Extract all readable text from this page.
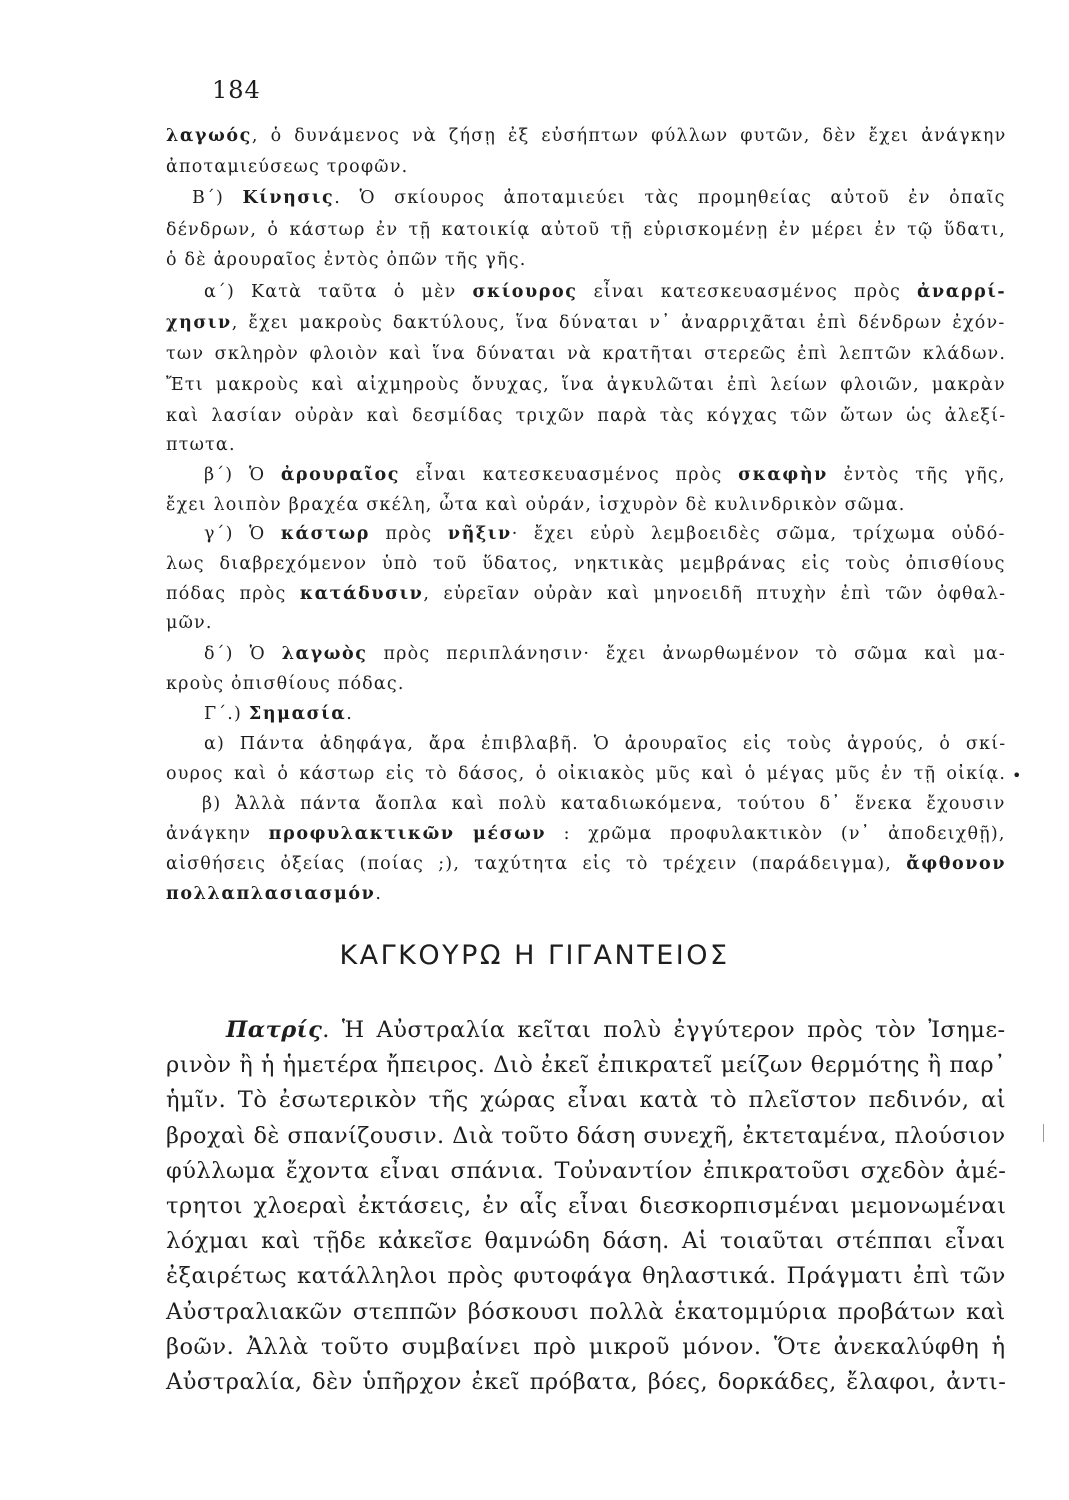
184
λαγωός, ὁ δυνάμενος νὰ ζήσῃ ἐξ εὐσήπτων φύλλων φυτῶν, δὲν ἔχει ἀνάγκην
ἀποταμιεύσεως τροφῶν.
Β΄) Κίνησις. Ὁ σκίουρος ἀποταμιεύει τὰς προμηθείας αὐτοῦ ἐν ὀπαῖς
δένδρων, ὁ κάστωρ ἐν τῇ κατοικίᾳ αὐτοῦ τῇ εὑρισκομένῃ ἐν μέρει ἐν τῷ ὕδατι,
ὁ δὲ ἀρουραῖος ἐντὸς ὀπῶν τῆς γῆς.
α΄) Κατὰ ταῦτα ὁ μὲν σκίουρος εἶναι κατεσκευασμένος πρὸς ἀναρρί-
χησιν, ἔχει μακροὺς δακτύλους, ἵνα δύναται ν᾽ ἀναρριχᾶται ἐπὶ δένδρων ἐχόν-
των σκληρὸν φλοιὸν καὶ ἵνα δύναται νὰ κρατῆται στερεῶς ἐπὶ λεπτῶν κλάδων.
Ἔτι μακροὺς καὶ αἰχμηροὺς ὄνυχας, ἵνα ἀγκυλῶται ἐπὶ λείων φλοιῶν, μακρὰν
καὶ λασίαν οὐρὰν καὶ δεσμίδας τριχῶν παρὰ τὰς κόγχας τῶν ὤτων ὡς ἀλεξί-
πτωτα.
β΄) Ὁ ἀρουραῖος εἶναι κατεσκευασμένος πρὸς σκαφὴν ἐντὸς τῆς γῆς,
ἔχει λοιπὸν βραχέα σκέλη, ὦτα καὶ οὐράν, ἰσχυρὸν δὲ κυλινδρικὸν σῶμα.
γ΄) Ὁ κάστωρ πρὸς νῆξιν· ἔχει εὐρὺ λεμβοειδὲς σῶμα, τρίχωμα οὐδό-
λως διαβρεχόμενον ὑπὸ τοῦ ὕδατος, νηκτικὰς μεμβράνας εἰς τοὺς ὀπισθίους
πόδας πρὸς κατάδυσιν, εὐρεῖαν οὐρὰν καὶ μηνοειδῆ πτυχὴν ἐπὶ τῶν ὀφθαλ-
μῶν.
δ΄) Ὁ λαγωὸς πρὸς περιπλάνησιν· ἔχει ἀνωρθωμένον τὸ σῶμα καὶ μα-
κροὺς ὀπισθίους πόδας.
Γ΄.) Σημασία.
α) Πάντα ἀδηφάγα, ἄρα ἐπιβλαβῆ. Ὁ ἀρουραῖος εἰς τοὺς ἀγρούς, ὁ σκί-
ουρος καὶ ὁ κάστωρ εἰς τὸ δάσος, ὁ οἰκιακὸς μῦς καὶ ὁ μέγας μῦς ἐν τῇ οἰκίᾳ.
β) Ἀλλὰ πάντα ἄοπλα καὶ πολὺ καταδιωκόμενα, τούτου δ᾽ ἕνεκα ἔχουσιν
ἀνάγκην προφυλακτικῶν μέσων : χρῶμα προφυλακτικὸν (ν᾽ ἀποδειχθῇ),
αἰσθήσεις ὀξείας (ποίας ;), ταχύτητα εἰς τὸ τρέχειν (παράδειγμα), ἄφθονον
πολλαπλασιασμόν.
ΚΑΓΚΟΥΡΩ Η ΓΙΓΑΝΤΕΙΟΣ
Πατρίς. Ἡ Αὐστραλία κεῖται πολὺ ἐγγύτερον πρὸς τὸν Ἰσημε-
ρινὸν ἢ ἡ ἡμετέρα ἤπειρος. Διὸ ἐκεῖ ἐπικρατεῖ μείζων θερμότης ἢ παρ᾽
ἡμῖν. Τὸ ἐσωτερικὸν τῆς χώρας εἶναι κατὰ τὸ πλεῖστον πεδινόν, αἱ
βροχαὶ δὲ σπανίζουσιν. Διὰ τοῦτο δάση συνεχῆ, ἐκτεταμένα, πλούσιον
φύλλωμα ἔχοντα εἶναι σπάνια. Τοὐναντίον ἐπικρατοῦσι σχεδὸν ἀμέ-
τρητοι χλοεραὶ ἐκτάσεις, ἐν αἷς εἶναι διεσκορπισμέναι μεμονωμέναι
λόχμαι καὶ τῇδε κἀκεῖσε θαμνώδη δάση. Αἱ τοιαῦται στέππαι εἶναι
ἐξαιρέτως κατάλληλοι πρὸς φυτοφάγα θηλαστικά. Πράγματι ἐπὶ τῶν
Αὐστραλιακῶν στεππῶν βόσκουσι πολλὰ ἑκατομμύρια προβάτων καὶ
βοῶν. Ἀλλὰ τοῦτο συμβαίνει πρὸ μικροῦ μόνον. Ὅτε ἀνεκαλύφθη ἡ
Αὐστραλία, δὲν ὑπῆρχον ἐκεῖ πρόβατα, βόες, δορκάδες, ἔλαφοι, ἀντι-
•
